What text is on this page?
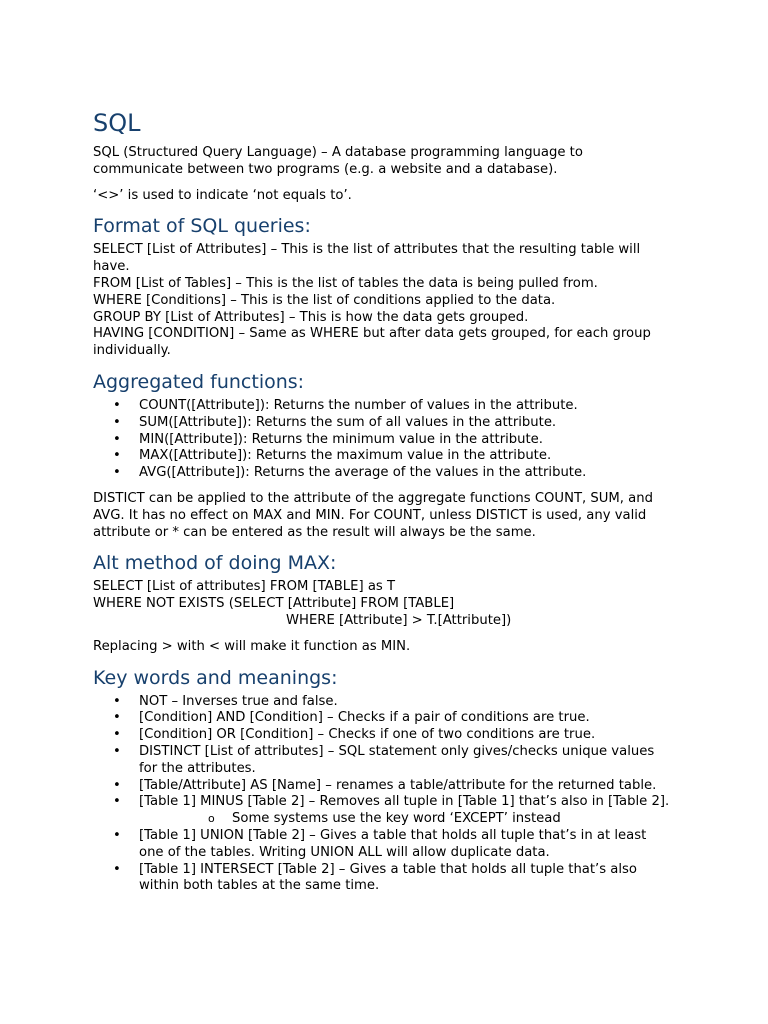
SQL

SQL (Structured Query Language) – A database programming language to communicate between two programs (e.g. a website and a database).

‘<>’ is used to indicate ‘not equals to’.

Format of SQL queries:

SELECT [List of Attributes] – This is the list of attributes that the resulting table will have.

FROM [List of Tables] – This is the list of tables the data is being pulled from.

WHERE [Conditions] – This is the list of conditions applied to the data.

GROUP BY [List of Attributes] – This is how the data gets grouped.

HAVING [CONDITION] – Same as WHERE but after data gets grouped, for each group individually.

Aggregated functions:
• COUNT([Attribute]): Returns the number of values in the attribute.
• SUM([Attribute]): Returns the sum of all values in the attribute.
• MIN([Attribute]): Returns the minimum value in the attribute.
• MAX([Attribute]): Returns the maximum value in the attribute.
• AVG([Attribute]): Returns the average of the values in the attribute.

DISTICT can be applied to the attribute of the aggregate functions COUNT, SUM, and AVG. It has no effect on MAX and MIN. For COUNT, unless DISTICT is used, any valid attribute or * can be entered as the result will always be the same.

Alt method of doing MAX:

SELECT [List of attributes] FROM [TABLE] as T

WHERE NOT EXISTS (SELECT [Attribute] FROM [TABLE]

WHERE [Attribute] > T.[Attribute])

Replacing > with < will make it function as MIN.

Key words and meanings:
• NOT – Inverses true and false.
• [Condition] AND [Condition] – Checks if a pair of conditions are true.
• [Condition] OR [Condition] – Checks if one of two conditions are true.
• DISTINCT [List of attributes] – SQL statement only gives/checks unique values for the attributes.
• [Table/Attribute] AS [Name] – renames a table/attribute for the returned table.
• [Table 1] MINUS [Table 2] – Removes all tuple in [Table 1] that’s also in [Table 2].
o Some systems use the key word ‘EXCEPT’ instead
• [Table 1] UNION [Table 2] – Gives a table that holds all tuple that’s in at least one of the tables. Writing UNION ALL will allow duplicate data.
• [Table 1] INTERSECT [Table 2] – Gives a table that holds all tuple that’s also within both tables at the same time.
